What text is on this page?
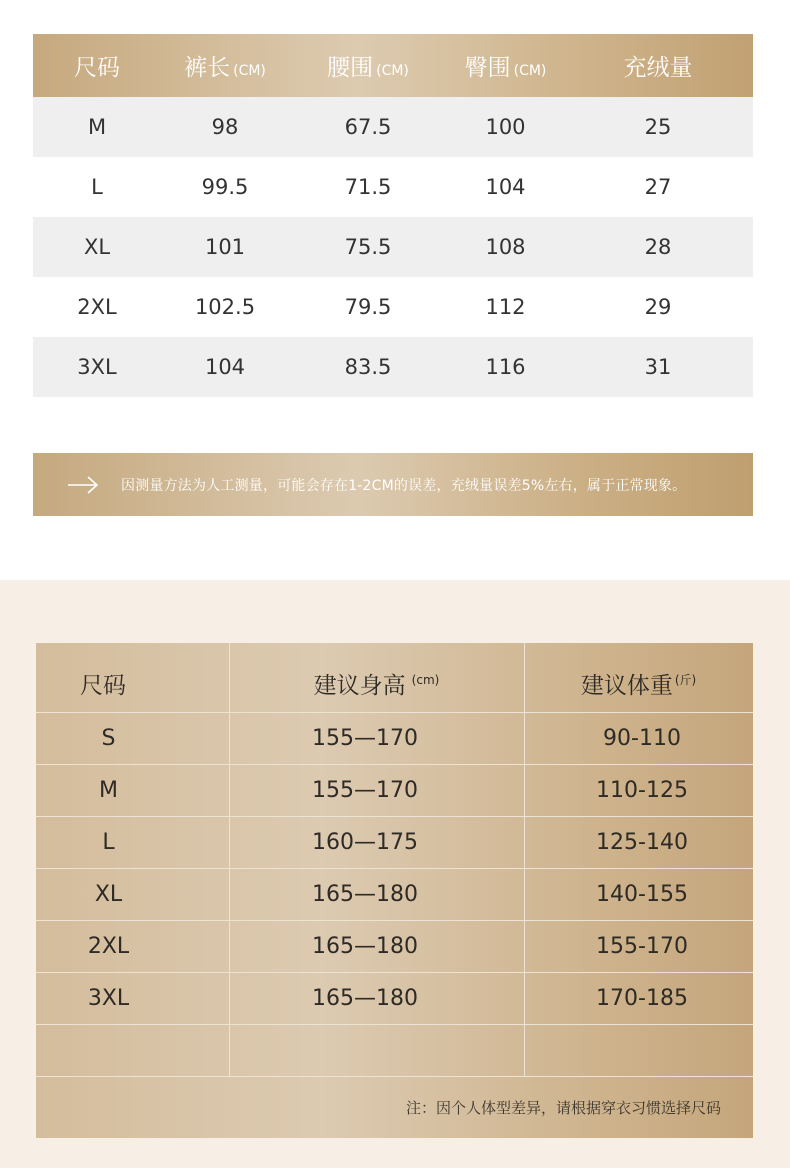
尺码	裤长 (CM)	腰围 (CM)	臀围 (CM)	充绒量
M	98	67.5	100	25
L	99.5	71.5	104	27
XL	101	75.5	108	28
2XL	102.5	79.5	112	29
3XL	104	83.5	116	31
因测量方法为人工测量，可能会存在1-2CM的误差，充绒量误差5%左右，属于正常现象。
尺码	建议身高 $^{(cm)}$	建议体重 $^{(斤)}$
S	155—170	90-110
M	155—170	110-125
L	160—175	125-140
XL	165—180	140-155
2XL	165—180	155-170
3XL	165—180	170-185
注：因个人体型差异，请根据穿衣习惯选择尺码
